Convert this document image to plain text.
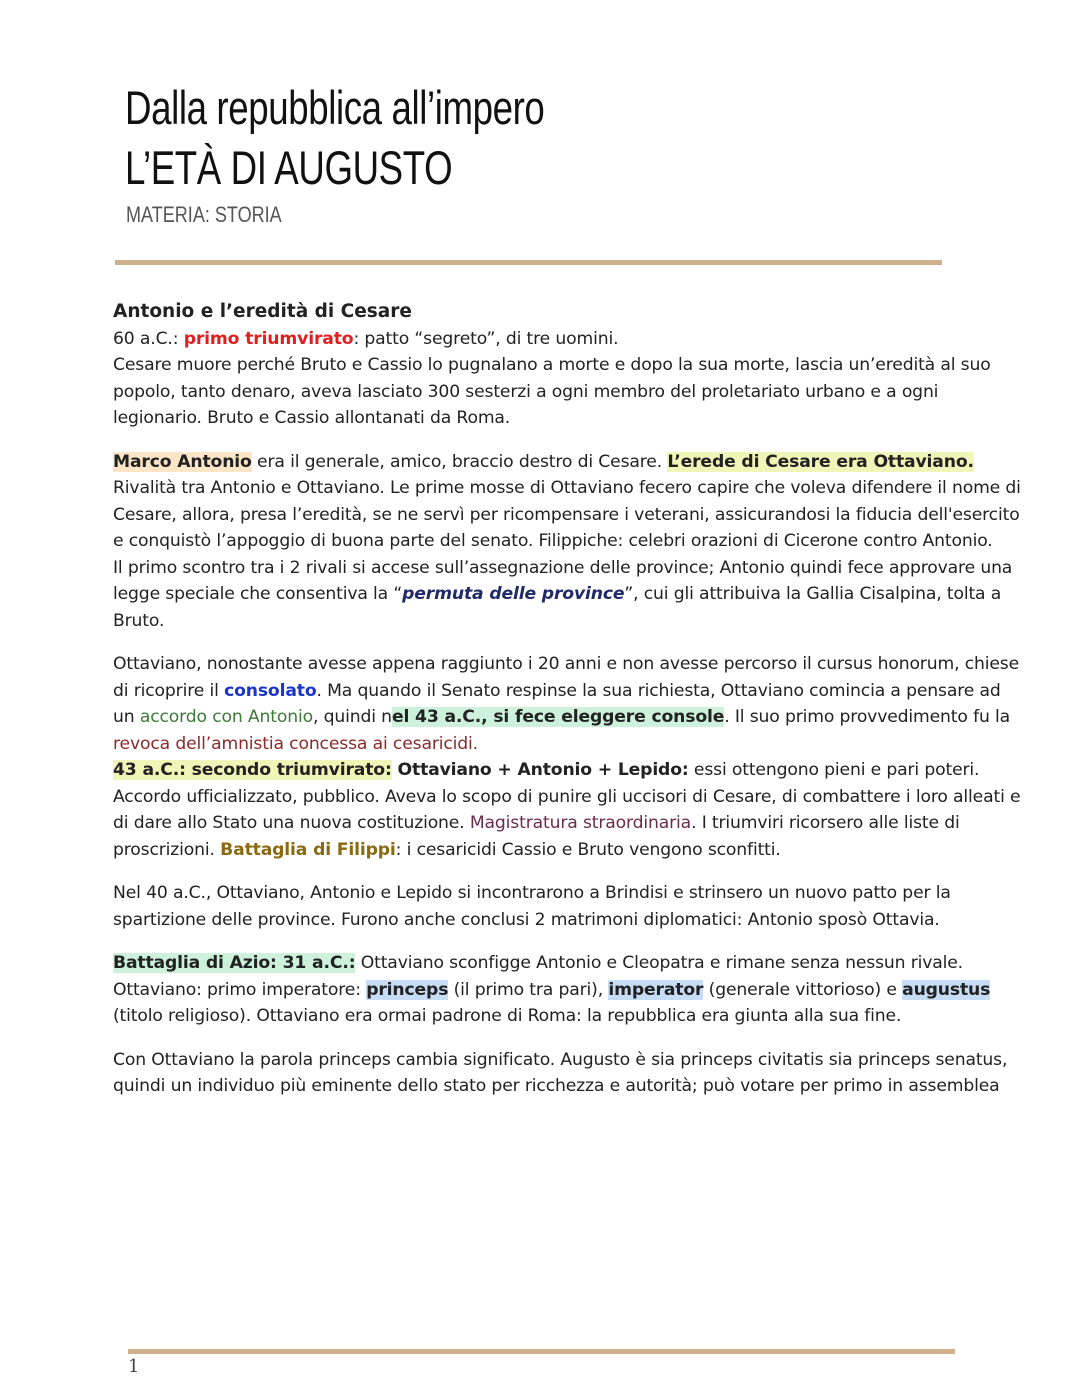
Dalla repubblica all’impero
L’ETÀ DI AUGUSTO
MATERIA: STORIA

Antonio e l’eredità di Cesare

60 a.C.: primo triumvirato: patto “segreto”, di tre uomini.
Cesare muore perché Bruto e Cassio lo pugnalano a morte e dopo la sua morte, lascia un’eredità al suo popolo, tanto denaro, aveva lasciato 300 sesterzi a ogni membro del proletariato urbano e a ogni legionario. Bruto e Cassio allontanati da Roma.

Marco Antonio era il generale, amico, braccio destro di Cesare. L’erede di Cesare era Ottaviano. Rivalità tra Antonio e Ottaviano. Le prime mosse di Ottaviano fecero capire che voleva difendere il nome di Cesare, allora, presa l’eredità, se ne servì per ricompensare i veterani, assicurandosi la fiducia dell'esercito e conquistò l’appoggio di buona parte del senato. Filippiche: celebri orazioni di Cicerone contro Antonio.
Il primo scontro tra i 2 rivali si accese sull’assegnazione delle province; Antonio quindi fece approvare una legge speciale che consentiva la “permuta delle province”, cui gli attribuiva la Gallia Cisalpina, tolta a Bruto.

Ottaviano, nonostante avesse appena raggiunto i 20 anni e non avesse percorso il cursus honorum, chiese di ricoprire il consolato. Ma quando il Senato respinse la sua richiesta, Ottaviano comincia a pensare ad un accordo con Antonio, quindi nel 43 a.C., si fece eleggere console. Il suo primo provvedimento fu la revoca dell’amnistia concessa ai cesaricidi.
43 a.C.: secondo triumvirato: Ottaviano + Antonio + Lepido: essi ottengono pieni e pari poteri. Accordo ufficializzato, pubblico. Aveva lo scopo di punire gli uccisori di Cesare, di combattere i loro alleati e di dare allo Stato una nuova costituzione. Magistratura straordinaria. I triumviri ricorsero alle liste di proscrizioni. Battaglia di Filippi: i cesaricidi Cassio e Bruto vengono sconfitti.

Nel 40 a.C., Ottaviano, Antonio e Lepido si incontrarono a Brindisi e strinsero un nuovo patto per la spartizione delle province. Furono anche conclusi 2 matrimoni diplomatici: Antonio sposò Ottavia.

Battaglia di Azio: 31 a.C.: Ottaviano sconfigge Antonio e Cleopatra e rimane senza nessun rivale. Ottaviano: primo imperatore: princeps (il primo tra pari), imperator (generale vittorioso) e augustus (titolo religioso). Ottaviano era ormai padrone di Roma: la repubblica era giunta alla sua fine.

Con Ottaviano la parola princeps cambia significato. Augusto è sia princeps civitatis sia princeps senatus, quindi un individuo più eminente dello stato per ricchezza e autorità; può votare per primo in assemblea

1
